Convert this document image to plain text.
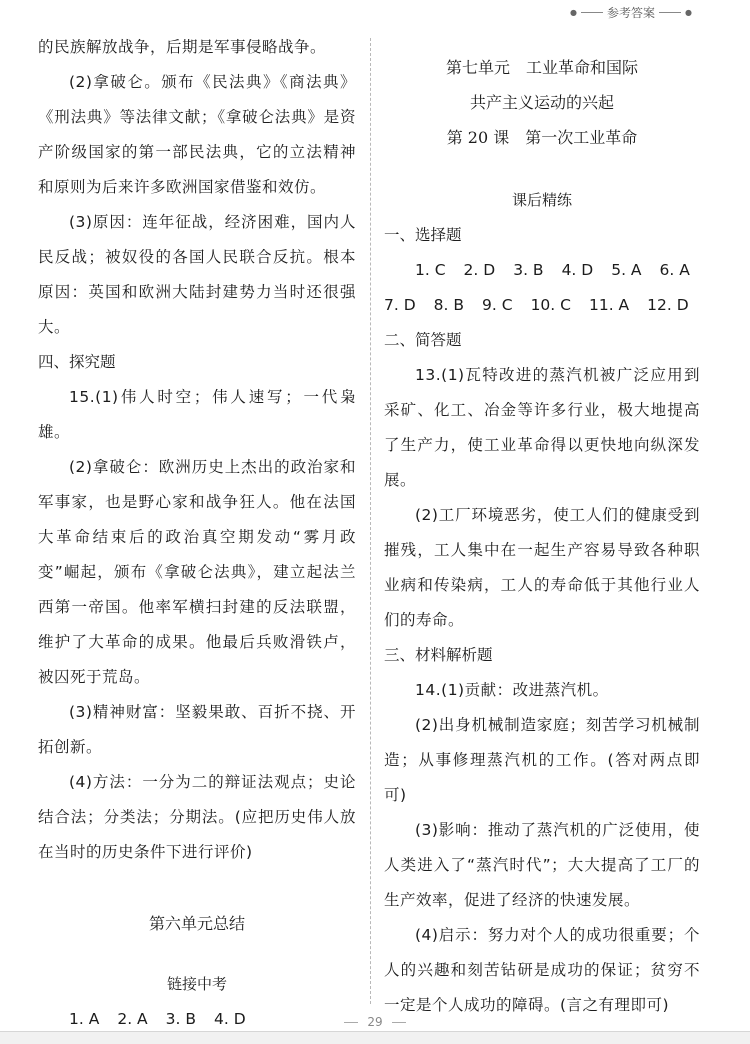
●	参考答案	●

的民族解放战争，后期是军事侵略战争。

(2)拿破仑。颁布《民法典》《商法典》《刑法典》等法律文献；《拿破仑法典》是资产阶级国家的第一部民法典，它的立法精神和原则为后来许多欧洲国家借鉴和效仿。

(3)原因：连年征战，经济困难，国内人民反战；被奴役的各国人民联合反抗。根本原因：英国和欧洲大陆封建势力当时还很强大。

四、探究题

15.(1)伟人时空；伟人速写；一代枭雄。

(2)拿破仑：欧洲历史上杰出的政治家和军事家，也是野心家和战争狂人。他在法国大革命结束后的政治真空期发动“雾月政变”崛起，颁布《拿破仑法典》，建立起法兰西第一帝国。他率军横扫封建的反法联盟，维护了大革命的成果。他最后兵败滑铁卢，被囚死于荒岛。

(3)精神财富：坚毅果敢、百折不挠、开拓创新。

(4)方法：一分为二的辩证法观点；史论结合法；分类法；分期法。(应把历史伟人放在当时的历史条件下进行评价)

第六单元总结

链接中考

1. A 2. A 3. B 4. D

第七单元　工业革命和国际

共产主义运动的兴起

第 20 课　第一次工业革命

课后精练

一、选择题

1. C 2. D 3. B 4. D 5. A 6. A
7. D 8. B 9. C 10. C 11. A 12. D

二、简答题

13.(1)瓦特改进的蒸汽机被广泛应用到采矿、化工、冶金等许多行业，极大地提高了生产力，使工业革命得以更快地向纵深发展。

(2)工厂环境恶劣，使工人们的健康受到摧残，工人集中在一起生产容易导致各种职业病和传染病，工人的寿命低于其他行业人们的寿命。

三、材料解析题

14.(1)贡献：改进蒸汽机。

(2)出身机械制造家庭；刻苦学习机械制造；从事修理蒸汽机的工作。(答对两点即可)

(3)影响：推动了蒸汽机的广泛使用，使人类进入了“蒸汽时代”；大大提高了工厂的生产效率，促进了经济的快速发展。

(4)启示：努力对个人的成功很重要；个人的兴趣和刻苦钻研是成功的保证；贫穷不一定是个人成功的障碍。(言之有理即可)

29
